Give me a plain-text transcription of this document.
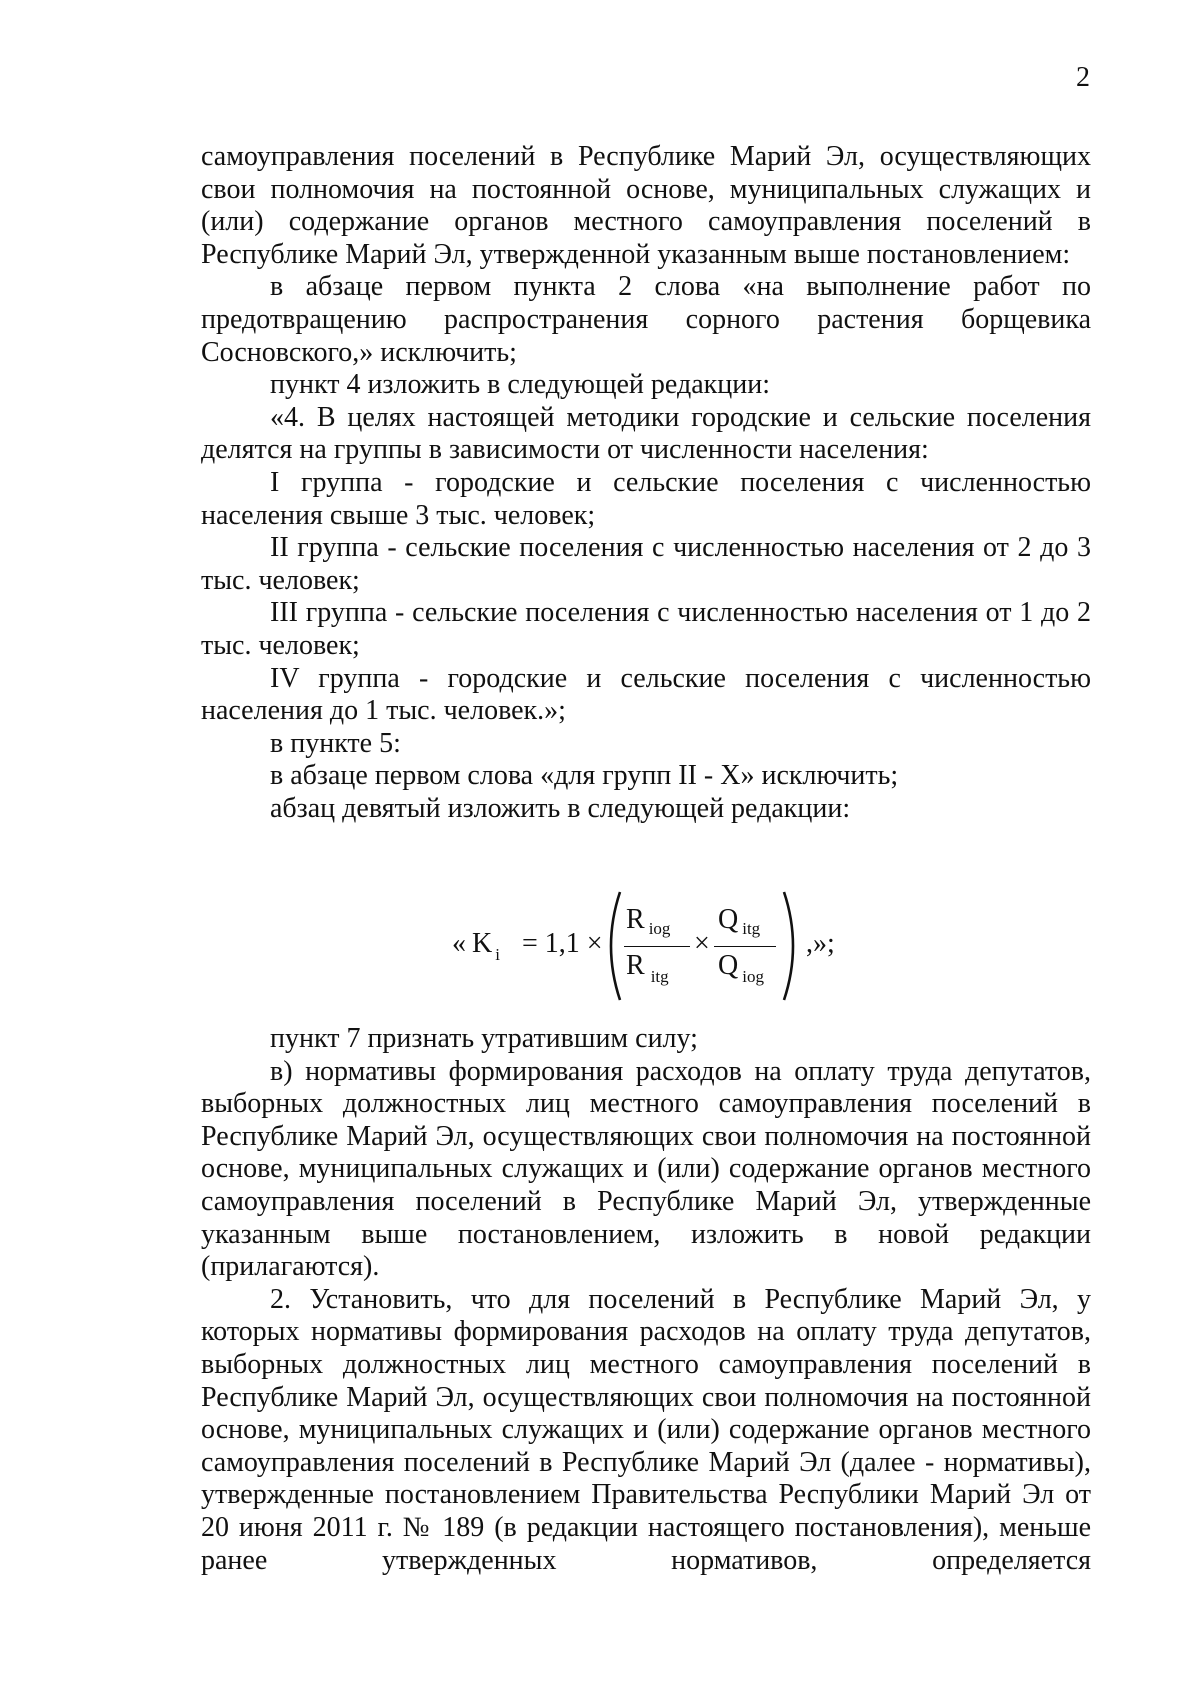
2

самоуправления поселений в Республике Марий Эл, осуществляющих свои полномочия на постоянной основе, муниципальных служащих и (или) содержание органов местного самоуправления поселений в Республике Марий Эл, утвержденной указанным выше постановлением:

в абзаце первом пункта 2 слова «на выполнение работ по предотвращению распространения сорного растения борщевика Сосновского,» исключить;

пункт 4 изложить в следующей редакции:

«4. В целях настоящей методики городские и сельские поселения делятся на группы в зависимости от численности населения:

I группа - городские и сельские поселения с численностью населения свыше 3 тыс. человек;

II группа - сельские поселения с численностью населения от 2 до 3 тыс. человек;

III группа - сельские поселения с численностью населения от 1 до 2 тыс. человек;

IV группа - городские и сельские поселения с численностью населения до 1 тыс. человек.»;

в пункте 5:

в абзаце первом слова «для групп II - X» исключить;

абзац девятый изложить в следующей редакции:

« K $_i$ = 1,1 ×
R $_{iog}$
R $_{itg}$
×
Q $_{itg}$
Q $_{iog}$
,»;

пункт 7 признать утратившим силу;

в) нормативы формирования расходов на оплату труда депутатов, выборных должностных лиц местного самоуправления поселений в Республике Марий Эл, осуществляющих свои полномочия на постоянной основе, муниципальных служащих и (или) содержание органов местного самоуправления поселений в Республике Марий Эл, утвержденные указанным выше постановлением, изложить в новой редакции (прилагаются).

2. Установить, что для поселений в Республике Марий Эл, у которых нормативы формирования расходов на оплату труда депутатов, выборных должностных лиц местного самоуправления поселений в Республике Марий Эл, осуществляющих свои полномочия на постоянной основе, муниципальных служащих и (или) содержание органов местного самоуправления поселений в Республике Марий Эл (далее - нормативы), утвержденные постановлением Правительства Республики Марий Эл от 20 июня 2011 г. № 189 (в редакции настоящего постановления), меньше ранее утвержденных нормативов, определяется
